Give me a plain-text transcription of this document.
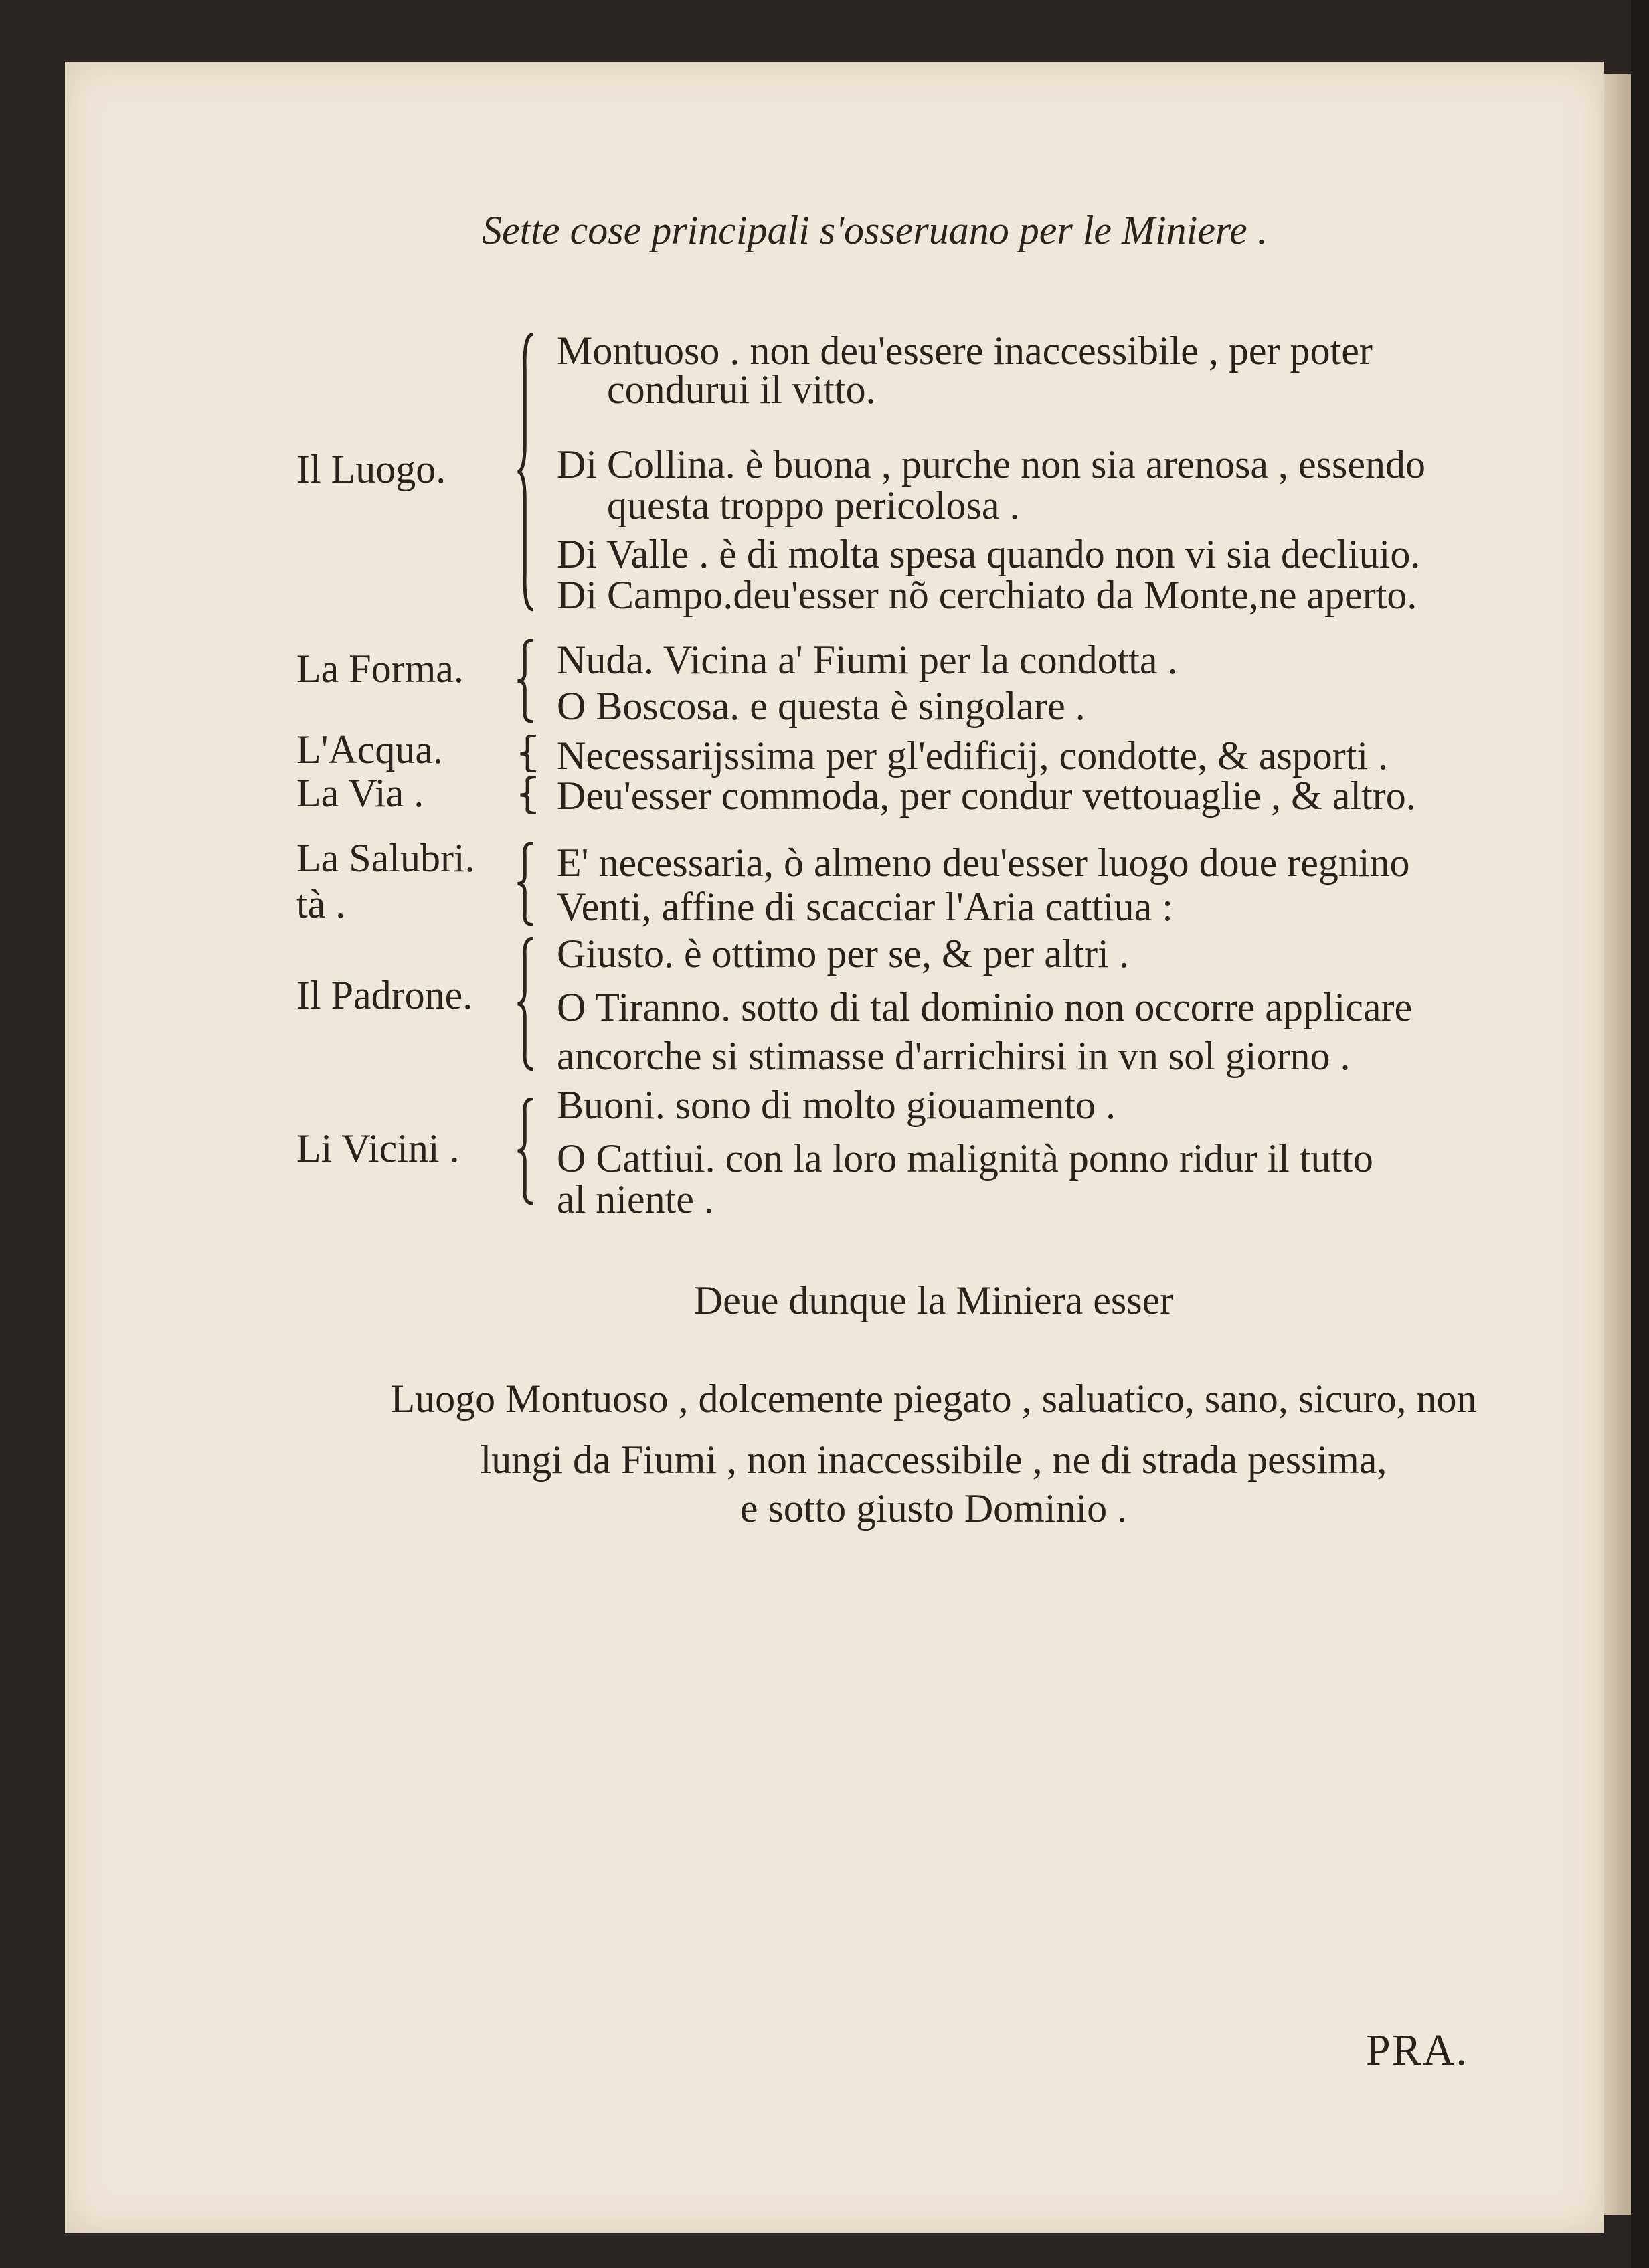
Sette cose principali s'osseruano per le Miniere .
Il Luogo.
Montuoso . non deu'essere inaccessibile , per poter
condurui il vitto.
Di Collina. è buona , purche non sia arenosa , essendo
questa troppo pericolosa .
Di Valle . è di molta spesa quando non vi sia decliuio.
Di Campo.deu'esser nõ cerchiato da Monte,ne aperto.
La Forma. Nuda. Vicina a' Fiumi per la condotta .
O Boscosa. e questa è singolare .
L'Acqua.	Necessarijssima per gl'edificij, condotte, & asporti .
La Via .	Deu'esser commoda, per condur vettouaglie , & altro.
La Salubri.
tà .
E' necessaria, ò almeno deu'esser luogo doue regnino
Venti, affine di scacciar l'Aria cattiua :
Il Padrone.
Giusto. è ottimo per se, & per altri .
O Tiranno. sotto di tal dominio non occorre applicare
ancorche si stimasse d'arrichirsi in vn sol giorno .
Li Vicini .
Buoni. sono di molto giouamento .
O Cattiui. con la loro malignità ponno ridur il tutto
al niente .
Deue dunque la Miniera esser
Luogo Montuoso , dolcemente piegato , saluatico, sano, sicuro, non
lungi da Fiumi , non inaccessibile , ne di strada pessima,
e sotto giusto Dominio .
PRA.
